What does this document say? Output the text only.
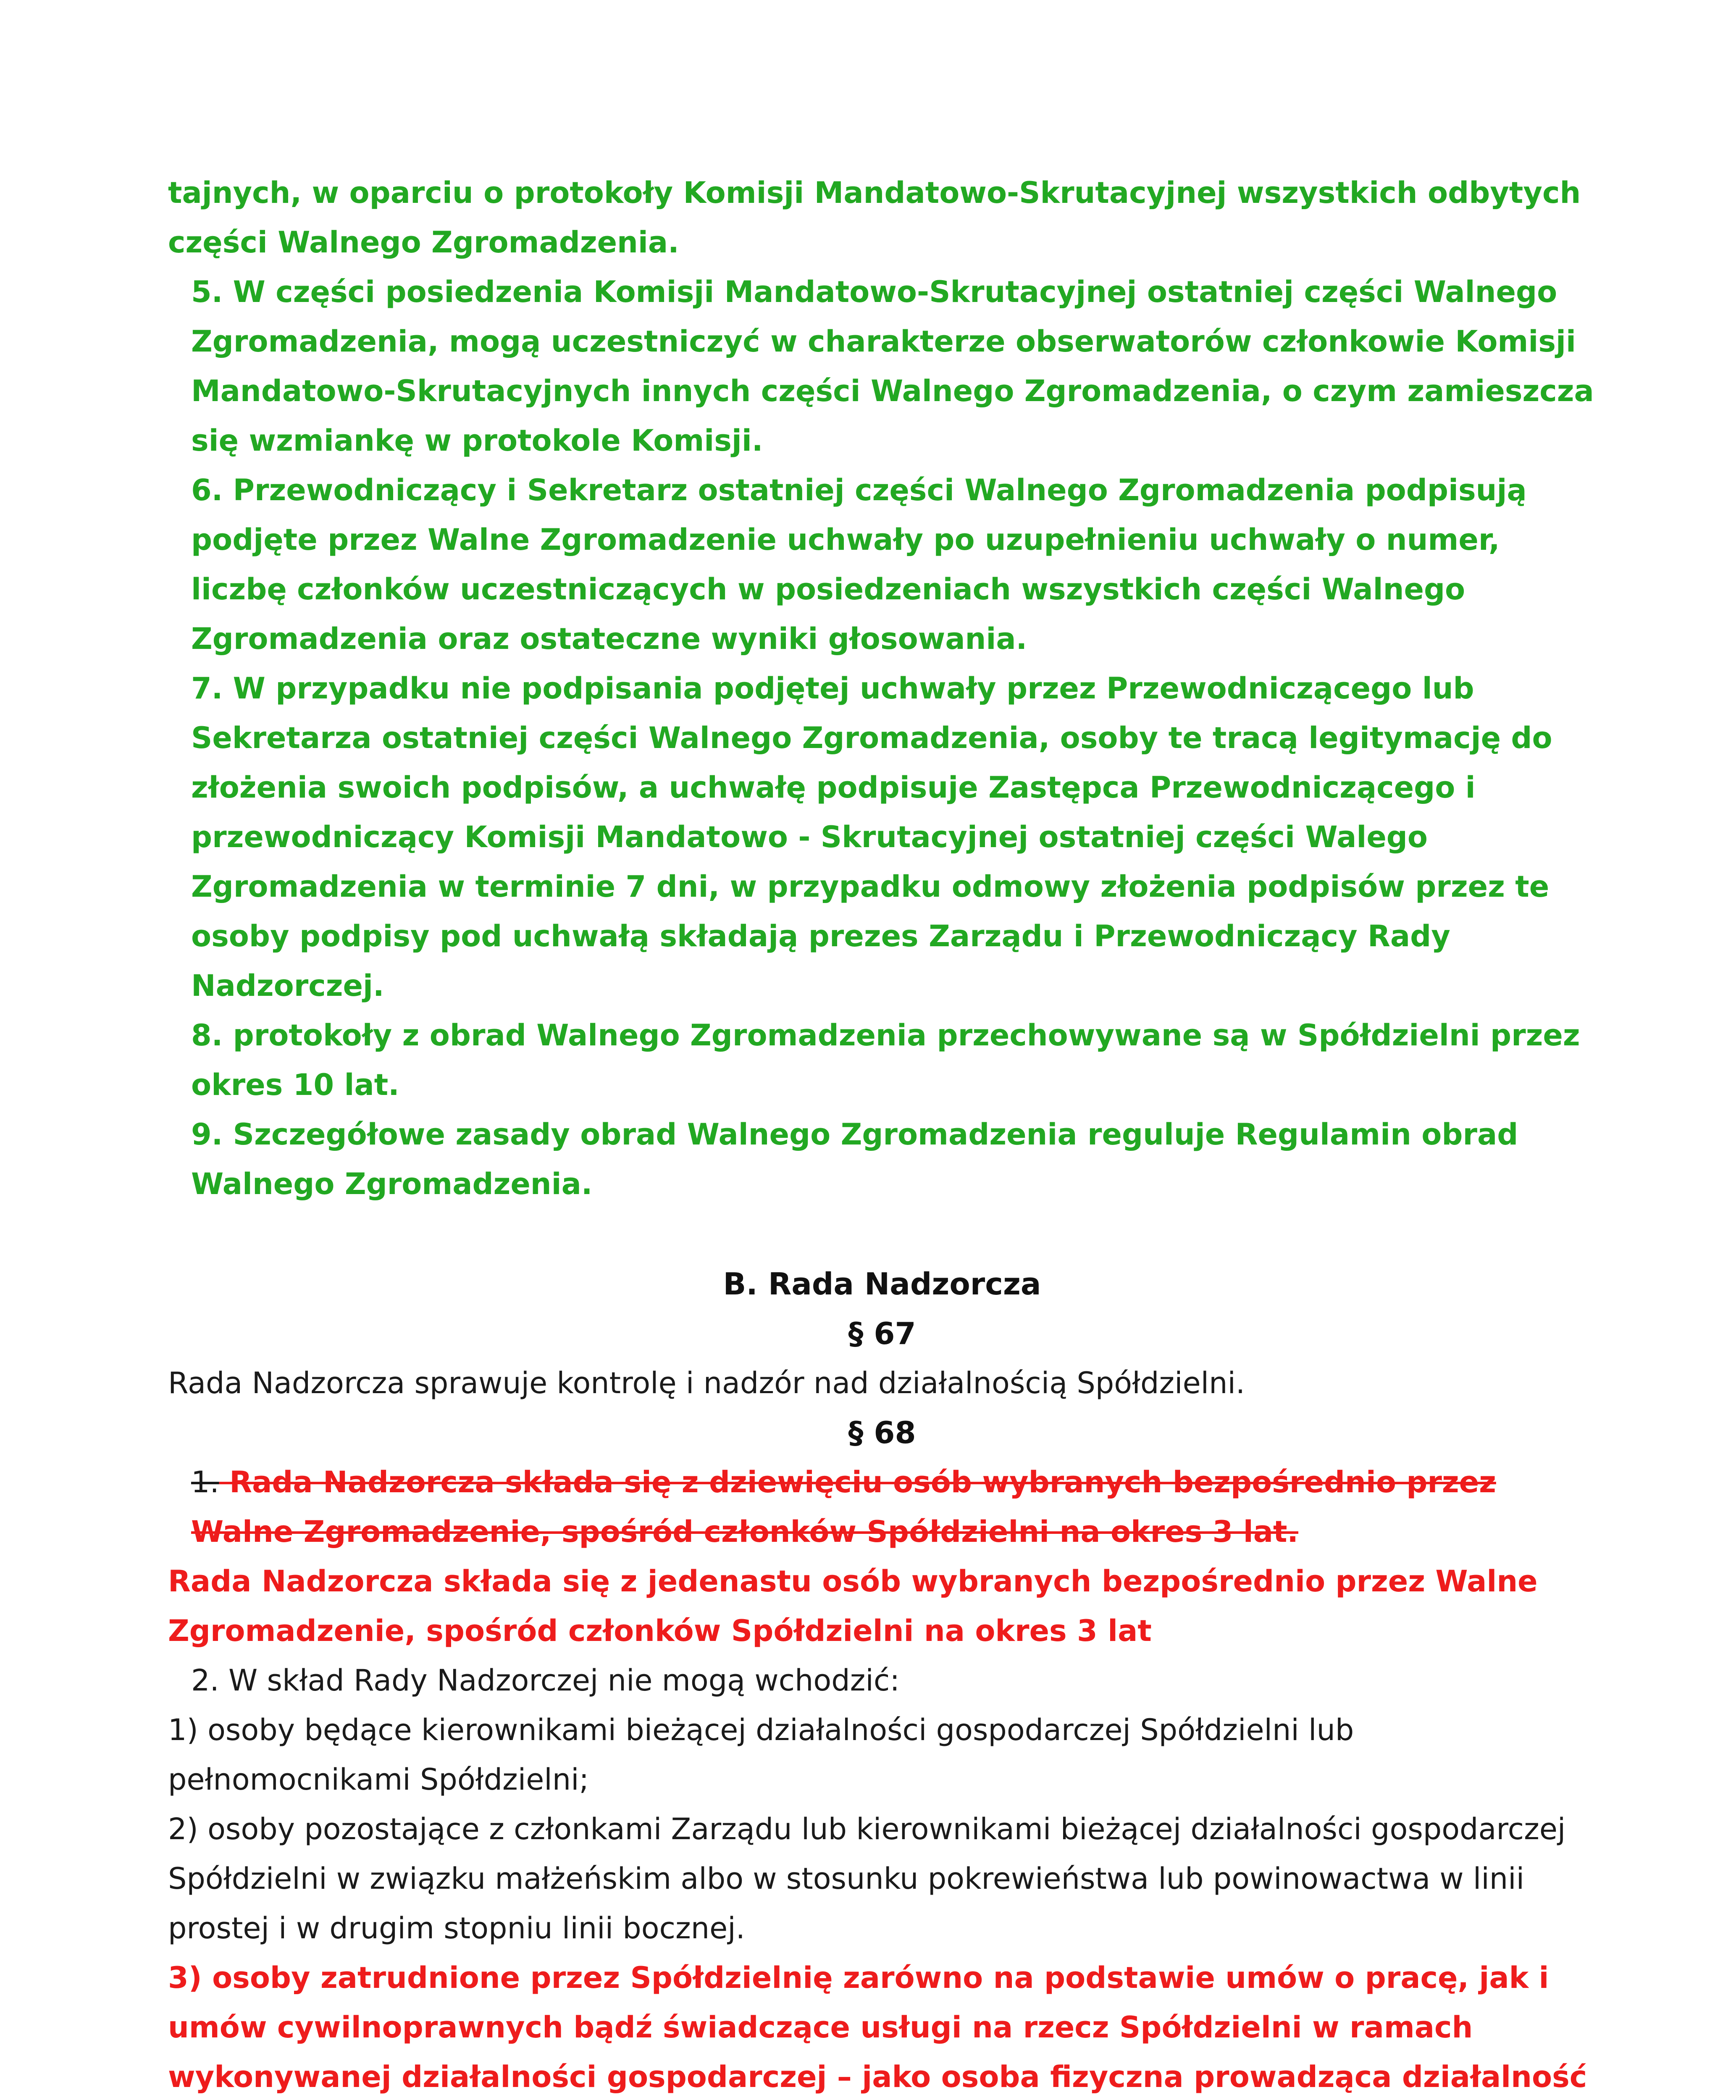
tajnych, w oparciu o protokoły Komisji Mandatowo-Skrutacyjnej wszystkich odbytych części Walnego Zgromadzenia.

5. W części posiedzenia Komisji Mandatowo-Skrutacyjnej ostatniej części Walnego Zgromadzenia, mogą uczestniczyć w charakterze obserwatorów członkowie Komisji Mandatowo-Skrutacyjnych innych części Walnego Zgromadzenia, o czym zamieszcza się wzmiankę w protokole Komisji.

6. Przewodniczący i Sekretarz ostatniej części Walnego Zgromadzenia podpisują podjęte przez Walne Zgromadzenie uchwały po uzupełnieniu uchwały o numer, liczbę członków uczestniczących w posiedzeniach wszystkich części Walnego Zgromadzenia oraz ostateczne wyniki głosowania.

7. W przypadku nie podpisania podjętej uchwały przez Przewodniczącego lub Sekretarza ostatniej części Walnego Zgromadzenia, osoby te tracą legitymację do złożenia swoich podpisów, a uchwałę podpisuje Zastępca Przewodniczącego i przewodniczący Komisji Mandatowo - Skrutacyjnej ostatniej części Walego Zgromadzenia w terminie 7 dni, w przypadku odmowy złożenia podpisów przez te osoby podpisy pod uchwałą składają prezes Zarządu i Przewodniczący Rady Nadzorczej.

8. protokoły z obrad Walnego Zgromadzenia przechowywane są w Spółdzielni przez okres 10 lat.

9. Szczegółowe zasady obrad Walnego Zgromadzenia reguluje Regulamin obrad Walnego Zgromadzenia.

B. Rada Nadzorcza

§ 67

Rada Nadzorcza sprawuje kontrolę i nadzór nad działalnością Spółdzielni.

§ 68

1. Rada Nadzorcza składa się z dziewięciu osób wybranych bezpośrednio przez Walne Zgromadzenie, spośród członków Spółdzielni na okres 3 lat.

Rada Nadzorcza składa się z jedenastu osób wybranych bezpośrednio przez Walne Zgromadzenie, spośród członków Spółdzielni na okres 3 lat

2. W skład Rady Nadzorczej nie mogą wchodzić:

1) osoby będące kierownikami bieżącej działalności gospodarczej Spółdzielni lub pełnomocnikami Spółdzielni;

2) osoby pozostające z członkami Zarządu lub kierownikami bieżącej działalności gospodarczej Spółdzielni w związku małżeńskim albo w stosunku pokrewieństwa lub powinowactwa w linii prostej i w drugim stopniu linii bocznej.

3) osoby zatrudnione przez Spółdzielnię zarówno na podstawie umów o pracę, jak i umów cywilnoprawnych bądź świadczące usługi na rzecz Spółdzielni w ramach wykonywanej działalności gospodarczej – jako osoba fizyczna prowadząca działalność
